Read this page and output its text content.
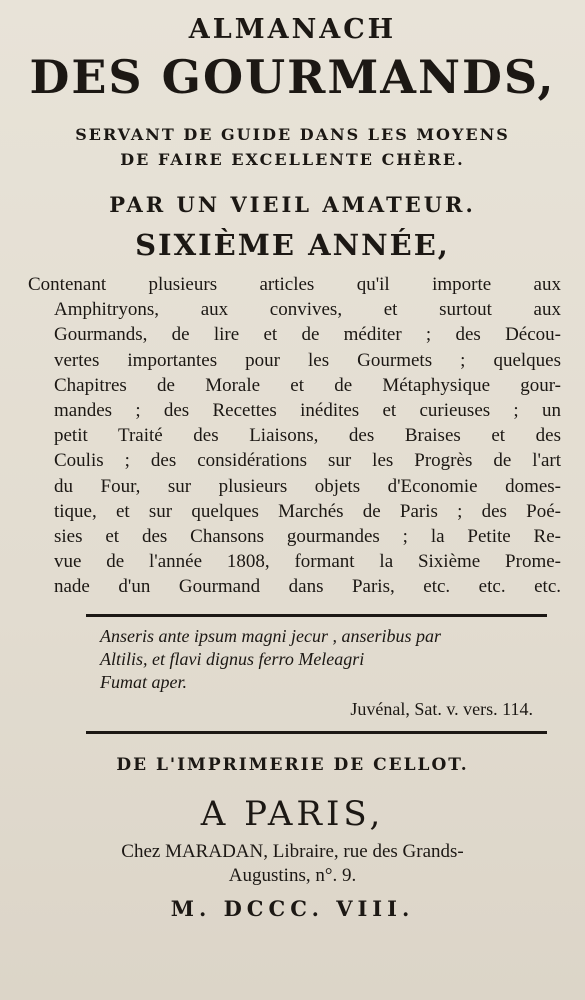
ALMANACH

DES GOURMANDS,

SERVANT DE GUIDE DANS LES MOYENS

DE FAIRE EXCELLENTE CHÈRE.

PAR UN VIEIL AMATEUR.

SIXIÈME ANNÉE,

Contenant plusieurs articles qu'il importe aux
Amphitryons, aux convives, et surtout aux
Gourmands, de lire et de méditer ; des Décou-
vertes importantes pour les Gourmets ; quelques
Chapitres de Morale et de Métaphysique gour-
mandes ; des Recettes inédites et curieuses ; un
petit Traité des Liaisons, des Braises et des
Coulis ; des considérations sur les Progrès de l'art
du Four, sur plusieurs objets d'Economie domes-
tique, et sur quelques Marchés de Paris ; des Poé-
sies et des Chansons gourmandes ; la Petite Re-
vue de l'année 1808, formant la Sixième Prome-
nade d'un Gourmand dans Paris, etc. etc. etc.
Anseris ante ipsum magni jecur , anseribus par
Altilis, et flavi dignus ferro Meleagri
Fumat aper.
Juvénal, Sat. v. vers. 114.

DE L'IMPRIMERIE DE CELLOT.

A PARIS,

Chez MARADAN, Libraire, rue des Grands-
Augustins, n°. 9.

M. DCCC. VIII.
